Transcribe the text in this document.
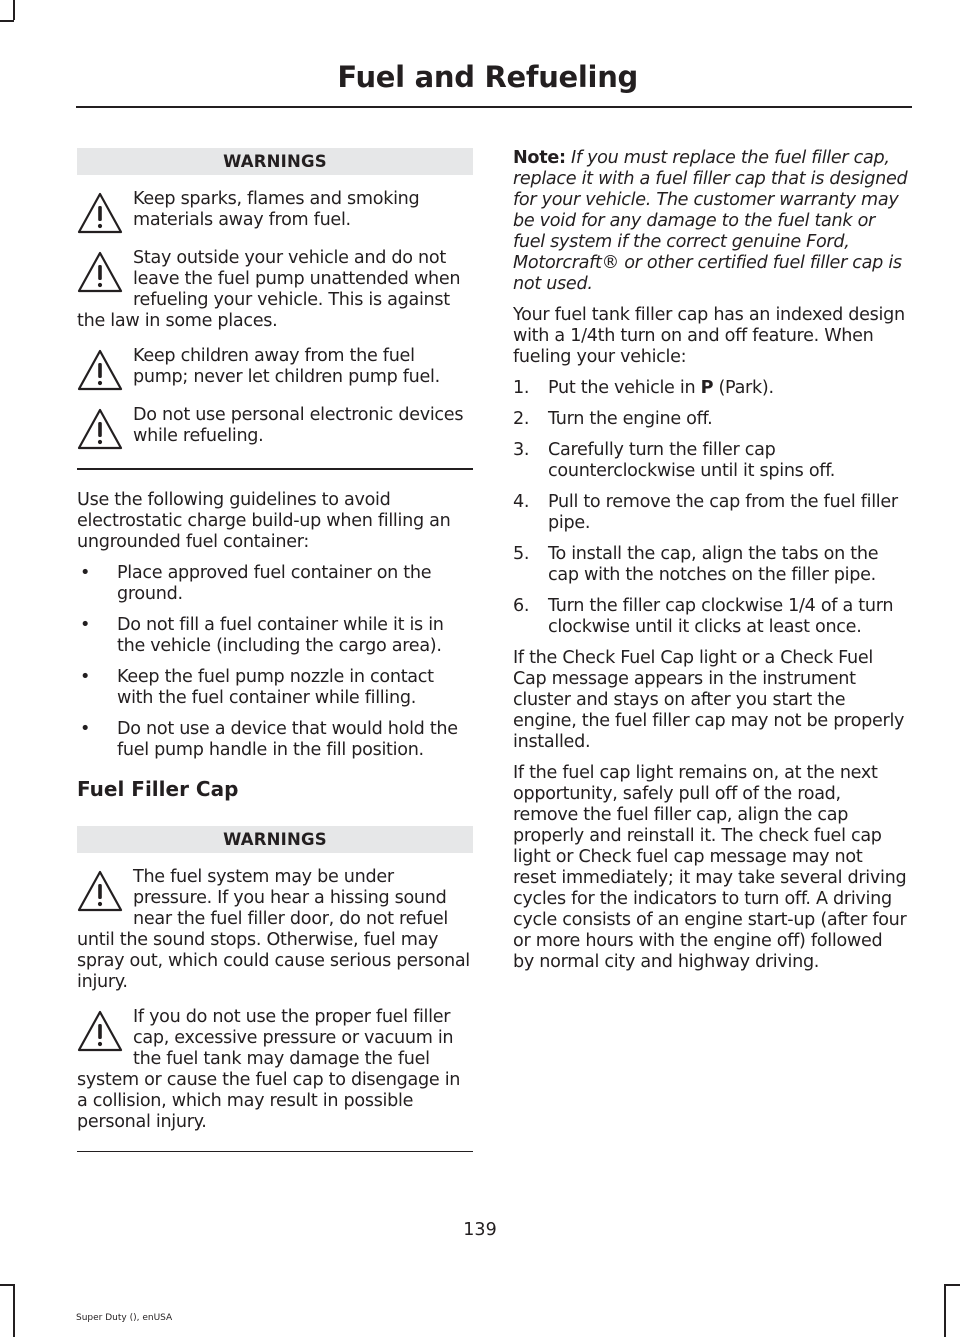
Fuel and Refueling
WARNINGS

Keep sparks, flames and smoking materials away from fuel.

Stay outside your vehicle and do not leave the fuel pump unattended when refueling your vehicle. This is against the law in some places.

Keep children away from the fuel pump; never let children pump fuel.

Do not use personal electronic devices while refueling.

Use the following guidelines to avoid electrostatic charge build-up when filling an ungrounded fuel container:

• Place approved fuel container on the ground.
• Do not fill a fuel container while it is in the vehicle (including the cargo area).
• Keep the fuel pump nozzle in contact with the fuel container while filling.
• Do not use a device that would hold the fuel pump handle in the fill position.
Fuel Filler Cap
WARNINGS

The fuel system may be under pressure. If you hear a hissing sound near the fuel filler door, do not refuel until the sound stops. Otherwise, fuel may spray out, which could cause serious personal injury.

If you do not use the proper fuel filler cap, excessive pressure or vacuum in the fuel tank may damage the fuel system or cause the fuel cap to disengage in a collision, which may result in possible personal injury.

Note: If you must replace the fuel filler cap, replace it with a fuel filler cap that is designed for your vehicle. The customer warranty may be void for any damage to the fuel tank or fuel system if the correct genuine Ford, Motorcraft® or other certified fuel filler cap is not used.

Your fuel tank filler cap has an indexed design with a 1/4th turn on and off feature. When fueling your vehicle:

1. Put the vehicle in P (Park).
2. Turn the engine off.
3. Carefully turn the filler cap counterclockwise until it spins off.
4. Pull to remove the cap from the fuel filler pipe.
5. To install the cap, align the tabs on the cap with the notches on the filler pipe.
6. Turn the filler cap clockwise 1/4 of a turn clockwise until it clicks at least once.

If the Check Fuel Cap light or a Check Fuel Cap message appears in the instrument cluster and stays on after you start the engine, the fuel filler cap may not be properly installed.

If the fuel cap light remains on, at the next opportunity, safely pull off of the road, remove the fuel filler cap, align the cap properly and reinstall it. The check fuel cap light or Check fuel cap message may not reset immediately; it may take several driving cycles for the indicators to turn off. A driving cycle consists of an engine start-up (after four or more hours with the engine off) followed by normal city and highway driving.

139
Super Duty (), enUSA
